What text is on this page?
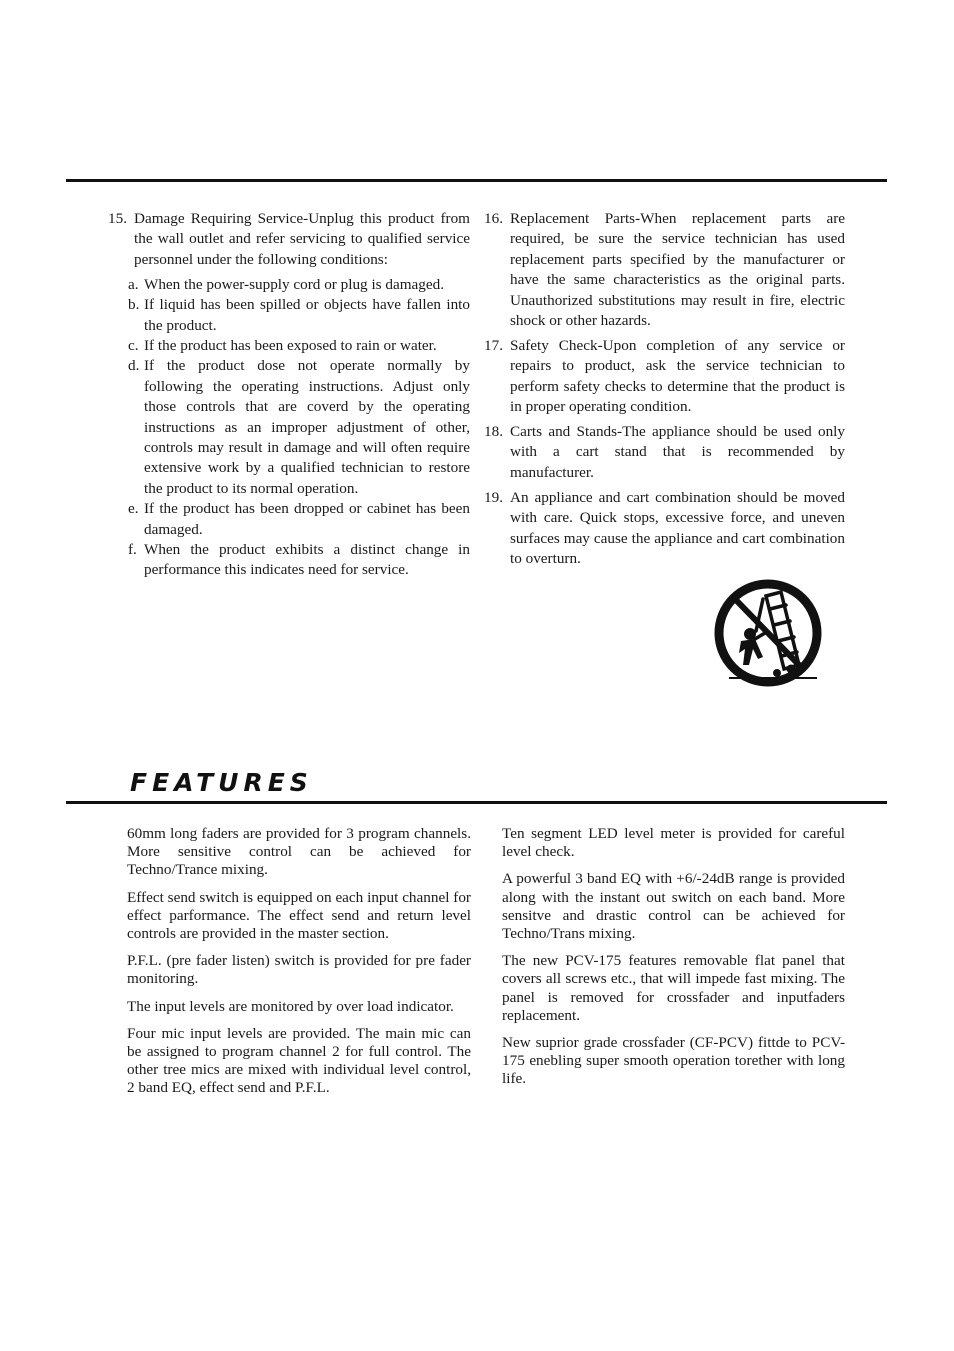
15. Damage Requiring Service-Unplug this product from the wall outlet and refer servicing to qualified service personnel under the following conditions:
a. When the power-supply cord or plug is damaged.
b. If liquid has been spilled or objects have fallen into the product.
c. If the product has been exposed to rain or water.
d. If the product dose not operate normally by following the operating instructions. Adjust only those controls that are coverd by the operating instructions as an improper adjustment of other, controls may result in damage and will often require extensive work by a qualified technician to restore the product to its normal operation.
e. If the product has been dropped or cabinet has been damaged.
f. When the product exhibits a distinct change in performance this indicates need for service.
16. Replacement Parts-When replacement parts are required, be sure the service technician has used replacement parts specified by the manufacturer or have the same characteristics as the original parts. Unauthorized substitutions may result in fire, electric shock or other hazards.
17. Safety Check-Upon completion of any service or repairs to product, ask the service technician to perform safety checks to determine that the product is in proper operating condition.
18. Carts and Stands-The appliance should be used only with a cart stand that is recommended by manufacturer.
19. An appliance and cart combination should be moved with care. Quick stops, excessive force, and uneven surfaces may cause the appliance and cart combination to overturn.
FEATURES

60mm long faders are provided for 3 program channels. More sensitive control can be achieved for Techno/Trance mixing.

Effect send switch is equipped on each input channel for effect parformance. The effect send and return level controls are provided in the master section.

P.F.L. (pre fader listen) switch is provided for pre fader monitoring.

The input levels are monitored by over load indicator.

Four mic input levels are provided. The main mic can be assigned to program channel 2 for full control. The other tree mics are mixed with individual level control, 2 band EQ, effect send and P.F.L.

Ten segment LED level meter is provided for careful level check.

A powerful 3 band EQ with +6/-24dB range is provided along with the instant out switch on each band. More sensitve and drastic control can be achieved for Techno/Trans mixing.

The new PCV-175 features removable flat panel that covers all screws etc., that will impede fast mixing. The panel is removed for crossfader and inputfaders replacement.

New suprior grade crossfader (CF-PCV) fittde to PCV-175 enebling super smooth operation torether with long life.
